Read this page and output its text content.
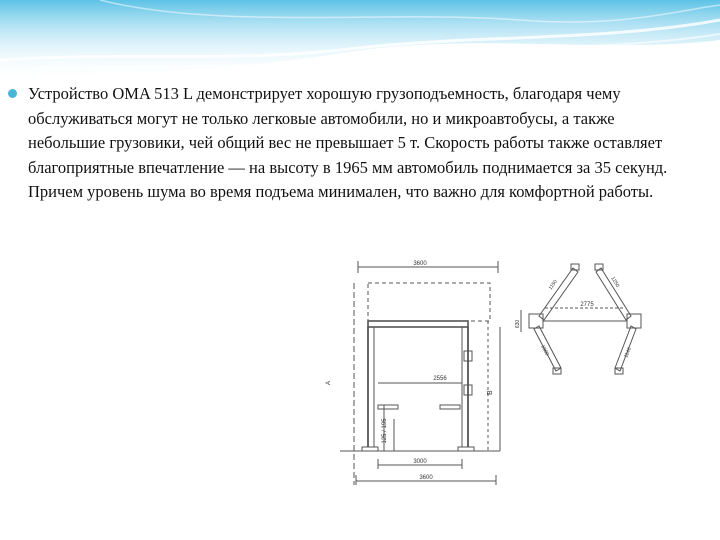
Устройство OMA 513 L демонстрирует хорошую грузоподъемность, благодаря чему обслуживаться могут не только легковые автомобили, но и микроавтобусы, а также небольшие грузовики, чей общий вес не превышает 5 т. Скорость работы также оставляет благоприятные впечатление — на высоту в 1965 мм автомобиль поднимается за 35 секунд. Причем уровень шума во время подъема минимален, что важно для комфортной работы.
3600
2556
3000
3600
125 / 195
A
B
2775
630
1150
1000
1250
1140
